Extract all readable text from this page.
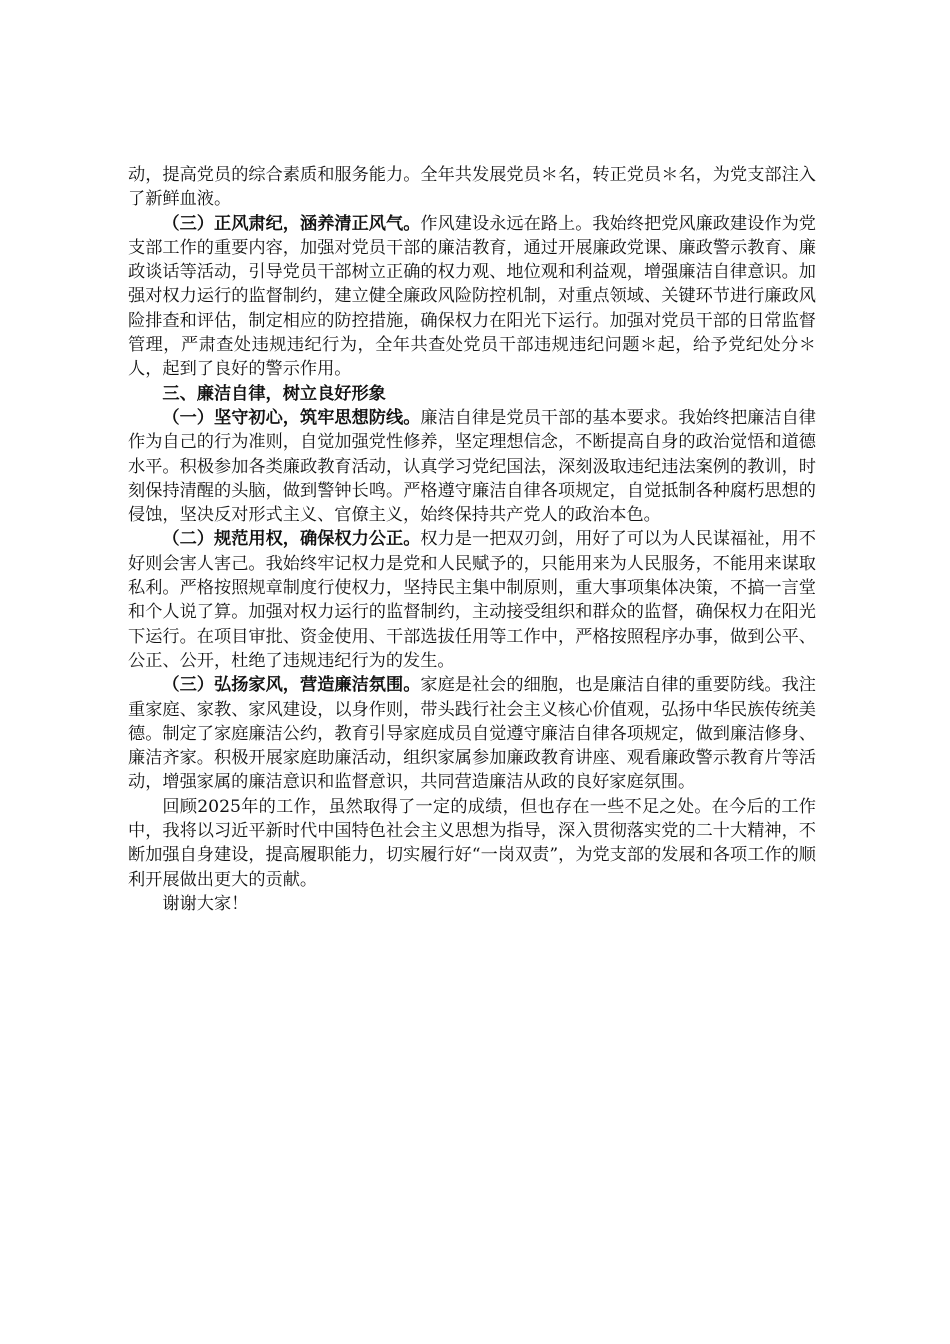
动，提高党员的综合素质和服务能力。全年共发展党员＊名，转正党员＊名，为党支部注入了新鲜血液。

（三）正风肃纪，涵养清正风气。作风建设永远在路上。我始终把党风廉政建设作为党支部工作的重要内容，加强对党员干部的廉洁教育，通过开展廉政党课、廉政警示教育、廉政谈话等活动，引导党员干部树立正确的权力观、地位观和利益观，增强廉洁自律意识。加强对权力运行的监督制约，建立健全廉政风险防控机制，对重点领域、关键环节进行廉政风险排查和评估，制定相应的防控措施，确保权力在阳光下运行。加强对党员干部的日常监督管理，严肃查处违规违纪行为，全年共查处党员干部违规违纪问题＊起，给予党纪处分＊人，起到了良好的警示作用。

三、廉洁自律，树立良好形象

（一）坚守初心，筑牢思想防线。廉洁自律是党员干部的基本要求。我始终把廉洁自律作为自己的行为准则，自觉加强党性修养，坚定理想信念，不断提高自身的政治觉悟和道德水平。积极参加各类廉政教育活动，认真学习党纪国法，深刻汲取违纪违法案例的教训，时刻保持清醒的头脑，做到警钟长鸣。严格遵守廉洁自律各项规定，自觉抵制各种腐朽思想的侵蚀，坚决反对形式主义、官僚主义，始终保持共产党人的政治本色。

（二）规范用权，确保权力公正。权力是一把双刃剑，用好了可以为人民谋福祉，用不好则会害人害己。我始终牢记权力是党和人民赋予的，只能用来为人民服务，不能用来谋取私利。严格按照规章制度行使权力，坚持民主集中制原则，重大事项集体决策，不搞一言堂和个人说了算。加强对权力运行的监督制约，主动接受组织和群众的监督，确保权力在阳光下运行。在项目审批、资金使用、干部选拔任用等工作中，严格按照程序办事，做到公平、公正、公开，杜绝了违规违纪行为的发生。

（三）弘扬家风，营造廉洁氛围。家庭是社会的细胞，也是廉洁自律的重要防线。我注重家庭、家教、家风建设，以身作则，带头践行社会主义核心价值观，弘扬中华民族传统美德。制定了家庭廉洁公约，教育引导家庭成员自觉遵守廉洁自律各项规定，做到廉洁修身、廉洁齐家。积极开展家庭助廉活动，组织家属参加廉政教育讲座、观看廉政警示教育片等活动，增强家属的廉洁意识和监督意识，共同营造廉洁从政的良好家庭氛围。

回顾2025年的工作，虽然取得了一定的成绩，但也存在一些不足之处。在今后的工作中，我将以习近平新时代中国特色社会主义思想为指导，深入贯彻落实党的二十大精神，不断加强自身建设，提高履职能力，切实履行好“一岗双责”，为党支部的发展和各项工作的顺利开展做出更大的贡献。

谢谢大家！
